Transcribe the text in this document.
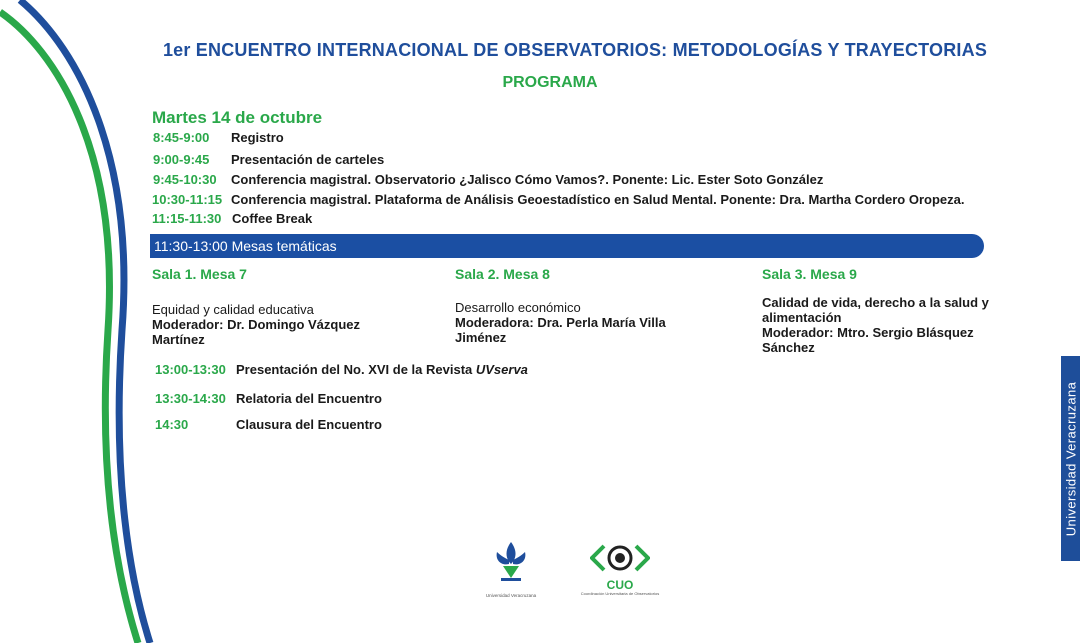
1er ENCUENTRO INTERNACIONAL DE OBSERVATORIOS: METODOLOGÍAS Y TRAYECTORIAS
PROGRAMA
Martes 14 de octubre
8:45-9:00 Registro
9:00-9:45 Presentación de carteles
9:45-10:30 Conferencia magistral. Observatorio ¿Jalisco Cómo Vamos?. Ponente: Lic. Ester Soto González
10:30-11:15 Conferencia magistral. Plataforma de Análisis Geoestadístico en Salud Mental. Ponente: Dra. Martha Cordero Oropeza.
11:15-11:30 Coffee Break
11:30-13:00 Mesas temáticas
Sala 1. Mesa 7	Sala 2. Mesa 8	Sala 3. Mesa 9
Equidad y calidad educativa
Moderador: Dr. Domingo Vázquez Martínez
Desarrollo económico
Moderadora: Dra. Perla María Villa Jiménez
Calidad de vida, derecho a la salud y alimentación
Moderador: Mtro. Sergio Blásquez Sánchez
13:00-13:30 Presentación del No. XVI de la Revista UVserva
13:30-14:30 Relatoria del Encuentro
14:30	Clausura del Encuentro	Universidad Veracruzana
Universidad Veracruzana
CUO
Coordinación Universitaria de Observatorios
